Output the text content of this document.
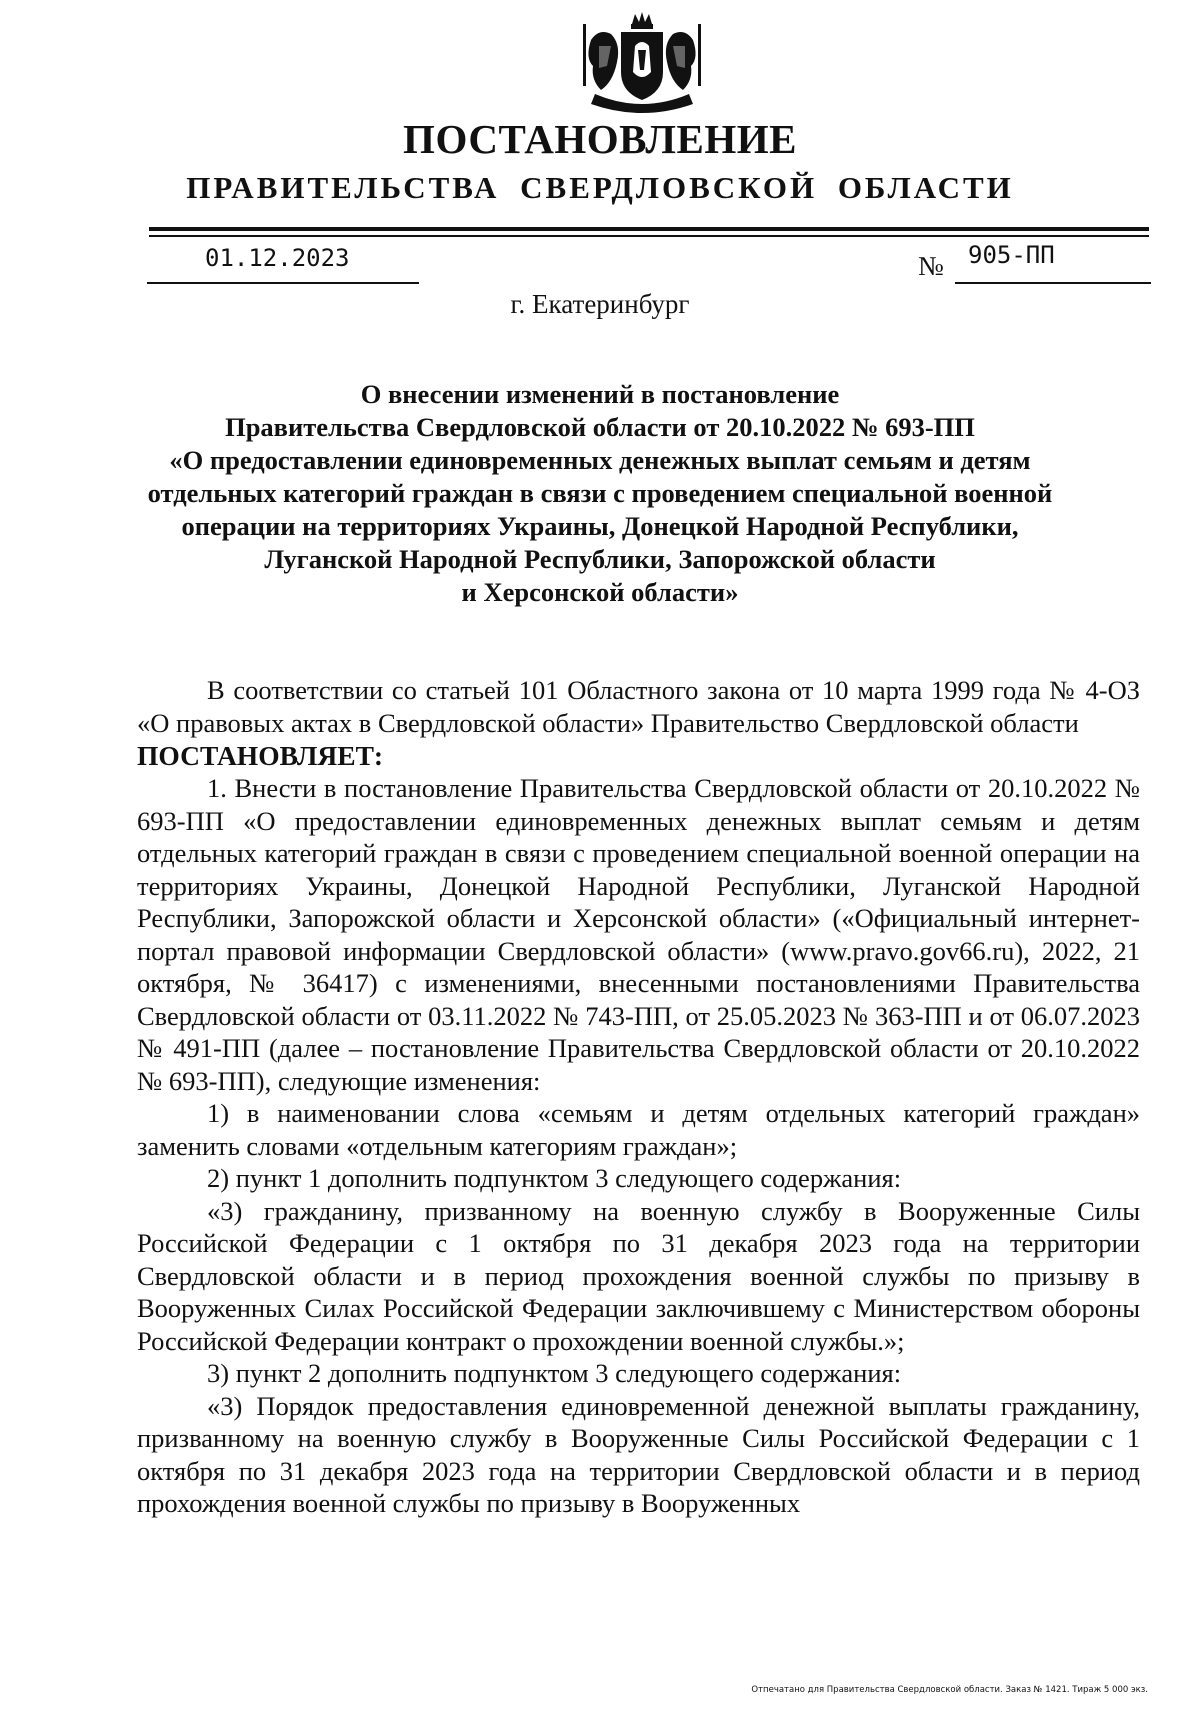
ПОСТАНОВЛЕНИЕ
ПРАВИТЕЛЬСТВА СВЕРДЛОВСКОЙ ОБЛАСТИ
01.12.2023	№ 905-ПП
г. Екатеринбург
О внесении изменений в постановление
Правительства Свердловской области от 20.10.2022 № 693-ПП
«О предоставлении единовременных денежных выплат семьям и детям
отдельных категорий граждан в связи с проведением специальной военной
операции на территориях Украины, Донецкой Народной Республики,
Луганской Народной Республики, Запорожской области
и Херсонской области»

В соответствии со статьей 101 Областного закона от 10 марта 1999 года № 4-ОЗ «О правовых актах в Свердловской области» Правительство Свердловской области

ПОСТАНОВЛЯЕТ:

1. Внести в постановление Правительства Свердловской области от 20.10.2022 № 693-ПП «О предоставлении единовременных денежных выплат семьям и детям отдельных категорий граждан в связи с проведением специальной военной операции на территориях Украины, Донецкой Народной Республики, Луганской Народной Республики, Запорожской области и Херсонской области» («Официальный интернет-портал правовой информации Свердловской области» (www.pravo.gov66.ru), 2022, 21 октября, № 36417) с изменениями, внесенными постановлениями Правительства Свердловской области от 03.11.2022 № 743-ПП, от 25.05.2023 № 363-ПП и от 06.07.2023 № 491-ПП (далее – постановление Правительства Свердловской области от 20.10.2022 № 693-ПП), следующие изменения:

1) в наименовании слова «семьям и детям отдельных категорий граждан» заменить словами «отдельным категориям граждан»;

2) пункт 1 дополнить подпунктом 3 следующего содержания:

«3) гражданину, призванному на военную службу в Вооруженные Силы Российской Федерации с 1 октября по 31 декабря 2023 года на территории Свердловской области и в период прохождения военной службы по призыву в Вооруженных Силах Российской Федерации заключившему с Министерством обороны Российской Федерации контракт о прохождении военной службы.»;

3) пункт 2 дополнить подпунктом 3 следующего содержания:

«3) Порядок предоставления единовременной денежной выплаты гражданину, призванному на военную службу в Вооруженные Силы Российской Федерации с 1 октября по 31 декабря 2023 года на территории Свердловской области и в период прохождения военной службы по призыву в Вооруженных

Отпечатано для Правительства Свердловской области. Заказ № 1421. Тираж 5 000 экз.
